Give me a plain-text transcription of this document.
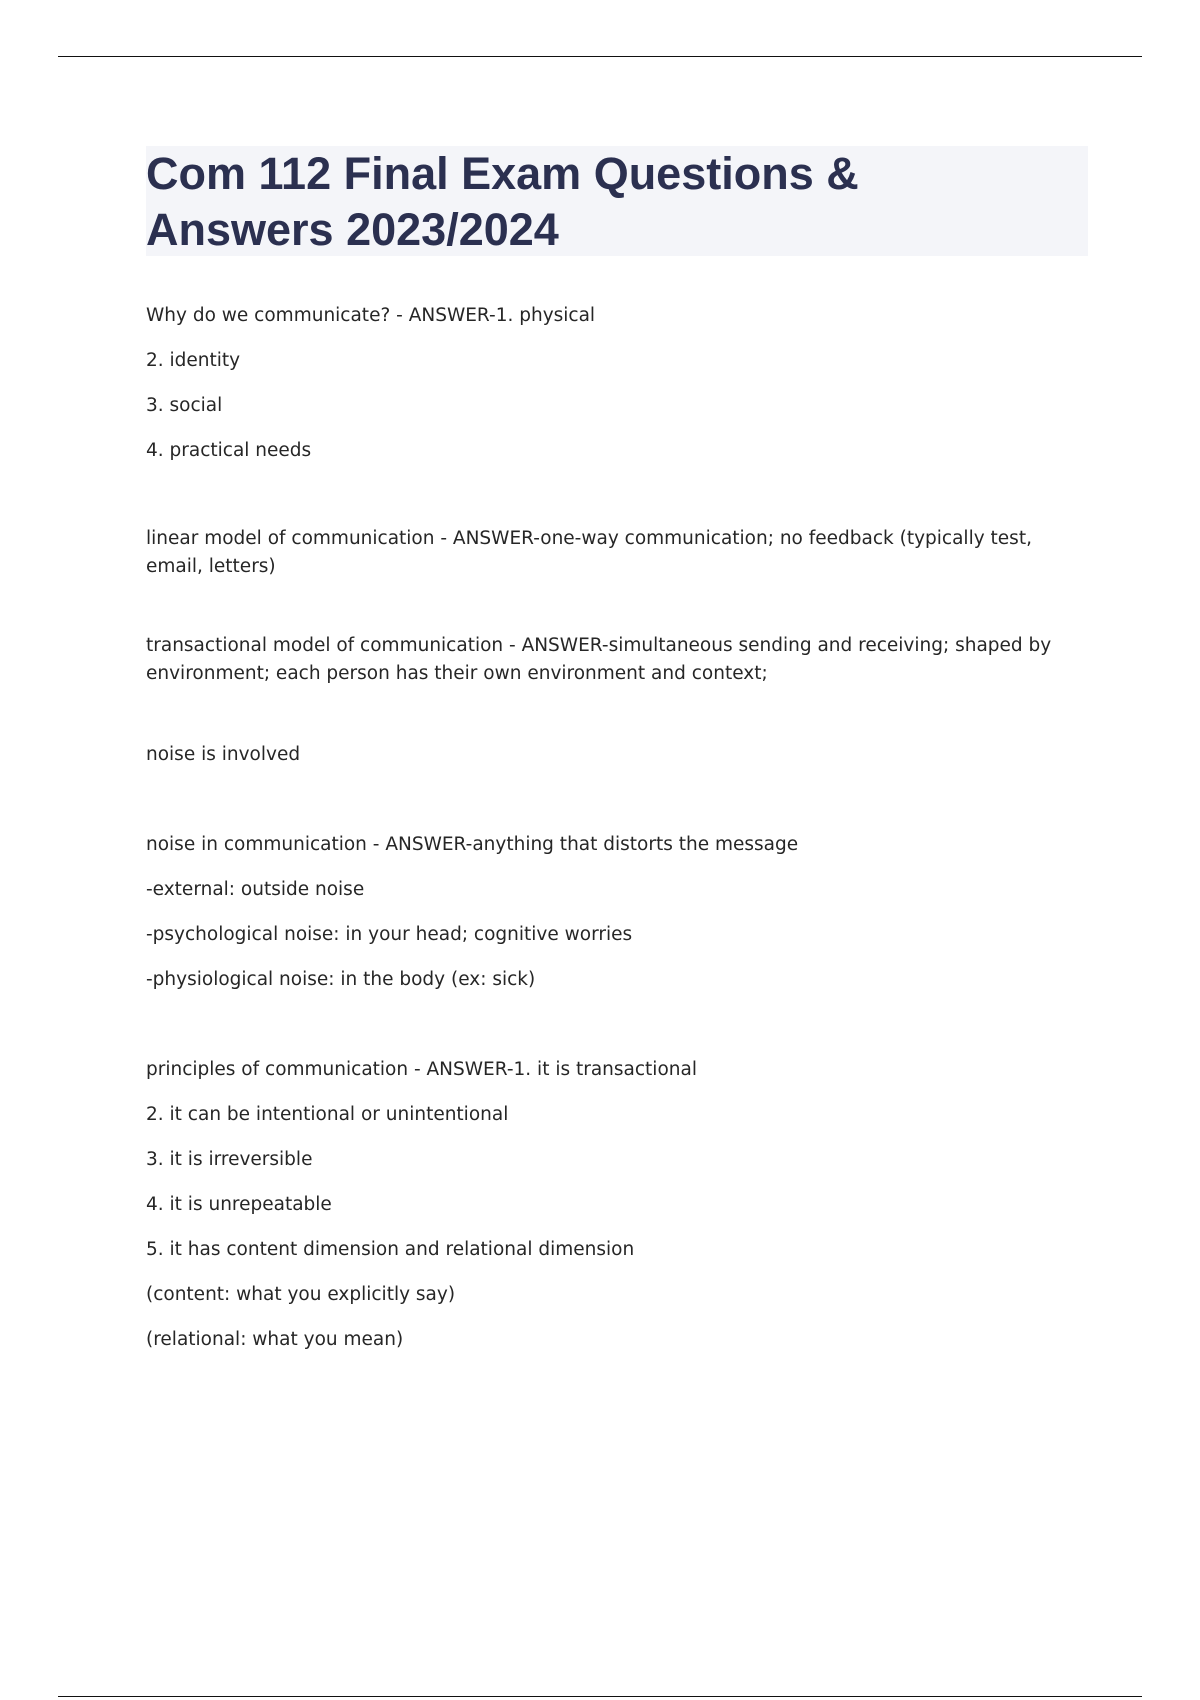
Com 112 Final Exam Questions & Answers 2023/2024
Why do we communicate? - ANSWER-1. physical
2. identity
3. social
4. practical needs
linear model of communication - ANSWER-one-way communication; no feedback (typically test, email, letters)
transactional model of communication - ANSWER-simultaneous sending and receiving; shaped by environment; each person has their own environment and context;
noise is involved
noise in communication - ANSWER-anything that distorts the message
-external: outside noise
-psychological noise: in your head; cognitive worries
-physiological noise: in the body (ex: sick)
principles of communication - ANSWER-1. it is transactional
2. it can be intentional or unintentional
3. it is irreversible
4. it is unrepeatable
5. it has content dimension and relational dimension
(content: what you explicitly say)
(relational: what you mean)
